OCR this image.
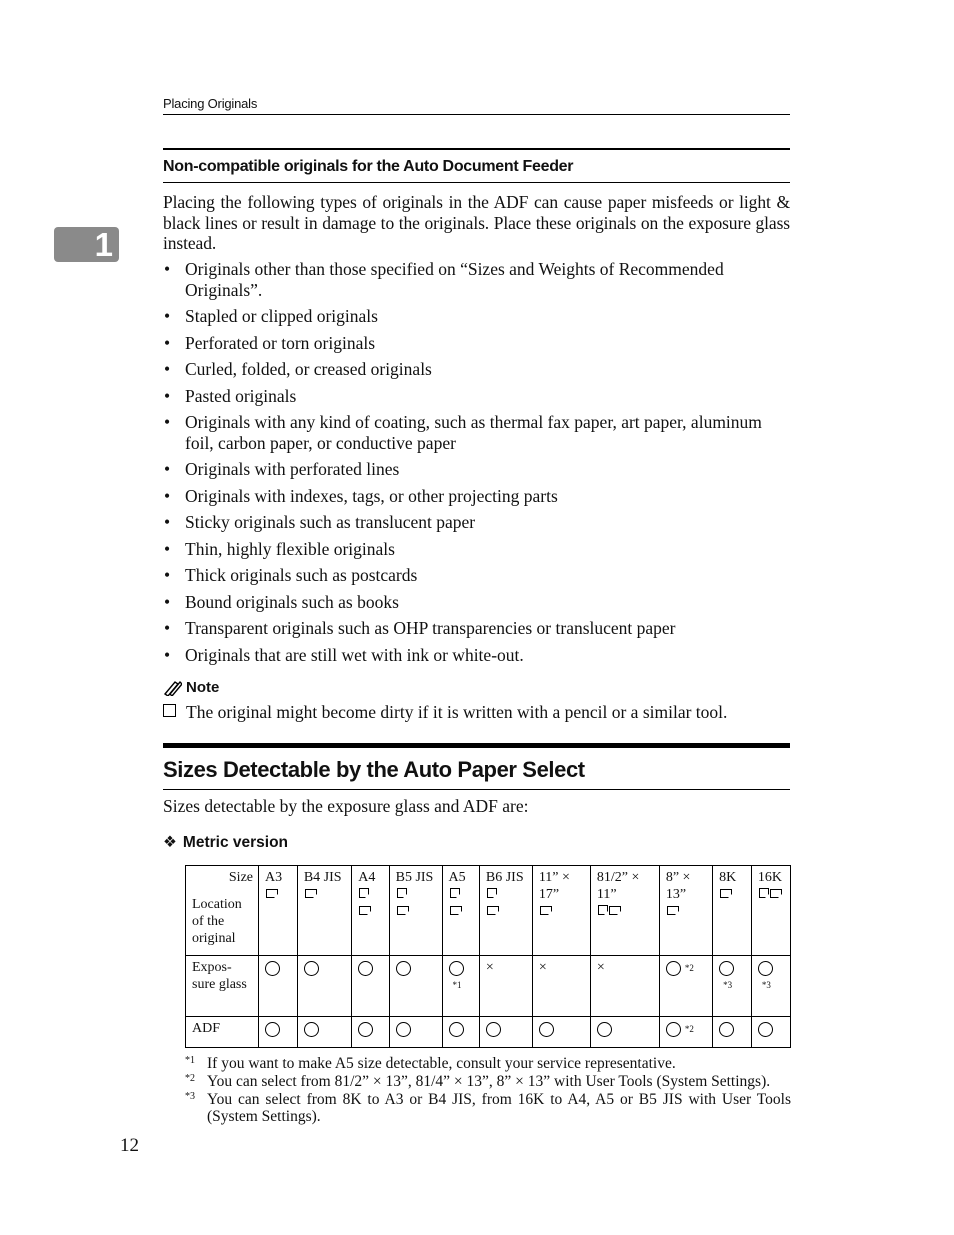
Placing Originals
1
Non-compatible originals for the Auto Document Feeder
Placing the following types of originals in the ADF can cause paper misfeeds or light & black lines or result in damage to the originals. Place these originals on the exposure glass instead.
• Originals other than those specified on “Sizes and Weights of Recommended Originals”.
• Stapled or clipped originals
• Perforated or torn originals
• Curled, folded, or creased originals
• Pasted originals
• Originals with any kind of coating, such as thermal fax paper, art paper, aluminum foil, carbon paper, or conductive paper
• Originals with perforated lines
• Originals with indexes, tags, or other projecting parts
• Sticky originals such as translucent paper
• Thin, highly flexible originals
• Thick originals such as postcards
• Bound originals such as books
• Transparent originals such as OHP transparencies or translucent paper
• Originals that are still wet with ink or white-out.
Note
The original might become dirty if it is written with a pencil or a similar tool.
Sizes Detectable by the Auto Paper Select
Sizes detectable by the exposure glass and ADF are:
❖ Metric version
Size
Location of the original	A3	B4 JIS	A4	B5 JIS	A5	B6 JIS	11” × 17”	81/2” × 11”	8” × 13”	8K	16K

Expos-sure glass					$^{*1}$	×	×	×	$^{*2}$	$^{*3}$	$^{*3}$
ADF									$^{*2}$		
*1 If you want to make A5 size detectable, consult your service representative.
*2 You can select from 81/2” × 13”, 81/4” × 13”, 8” × 13” with User Tools (System Settings).
*3 You can select from 8K to A3 or B4 JIS, from 16K to A4, A5 or B5 JIS with User Tools (System Settings).
12
